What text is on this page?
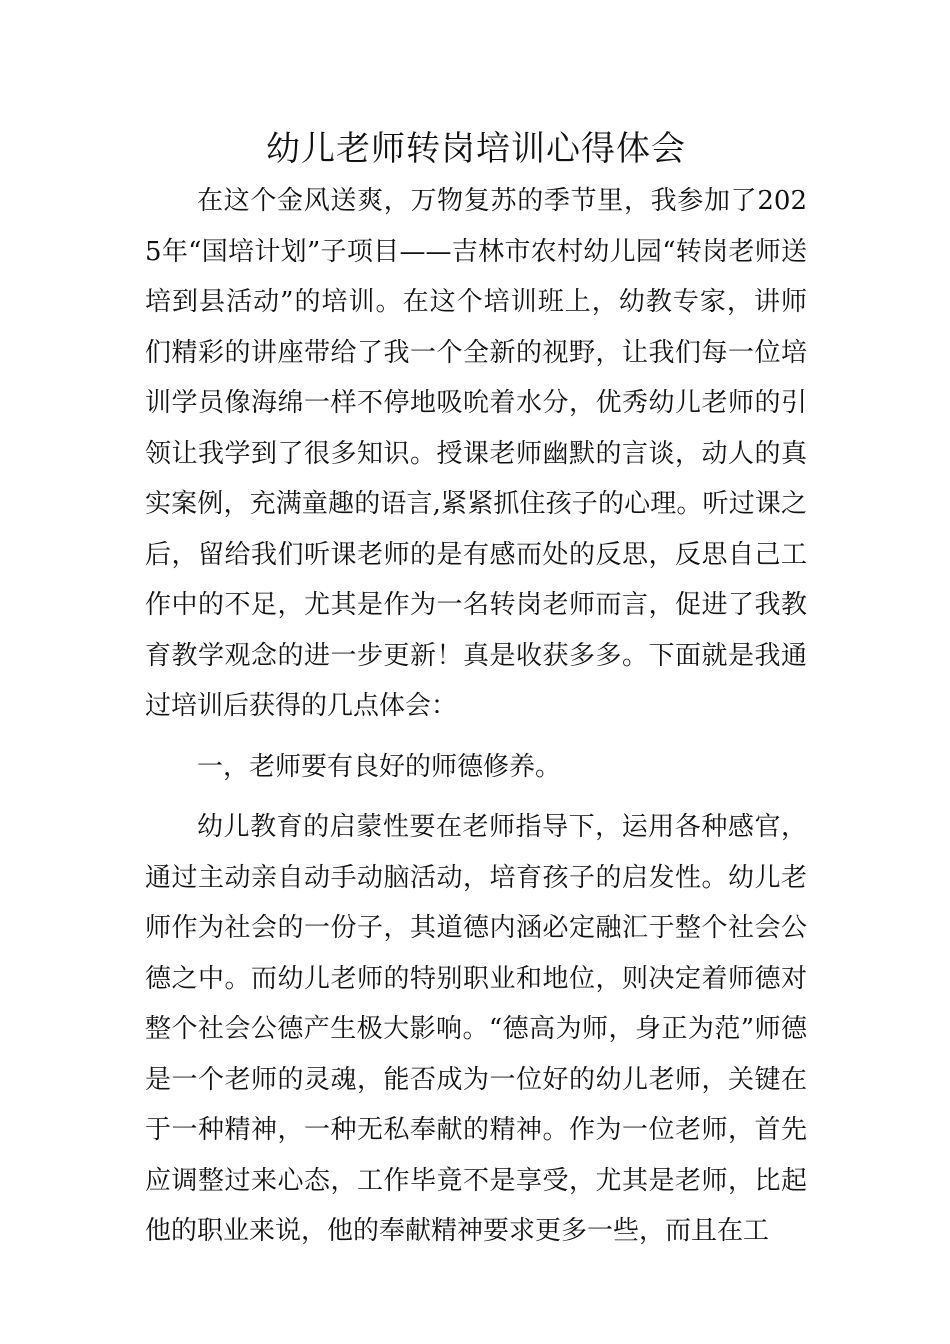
幼儿老师转岗培训心得体会

在这个金风送爽，万物复苏的季节里，我参加了2025年“国培计划”子项目——吉林市农村幼儿园“转岗老师送培到县活动”的培训。在这个培训班上，幼教专家，讲师们精彩的讲座带给了我一个全新的视野，让我们每一位培训学员像海绵一样不停地吸吮着水分，优秀幼儿老师的引领让我学到了很多知识。授课老师幽默的言谈，动人的真实案例，充满童趣的语言,紧紧抓住孩子的心理。听过课之后，留给我们听课老师的是有感而处的反思，反思自己工作中的不足，尤其是作为一名转岗老师而言，促进了我教育教学观念的进一步更新！真是收获多多。下面就是我通过培训后获得的几点体会：

一，老师要有良好的师德修养。

幼儿教育的启蒙性要在老师指导下，运用各种感官，通过主动亲自动手动脑活动，培育孩子的启发性。幼儿老师作为社会的一份子，其道德内涵必定融汇于整个社会公德之中。而幼儿老师的特别职业和地位，则决定着师德对整个社会公德产生极大影响。“德高为师，身正为范”师德是一个老师的灵魂，能否成为一位好的幼儿老师，关键在于一种精神，一种无私奉献的精神。作为一位老师，首先应调整过来心态，工作毕竟不是享受，尤其是老师，比起他的职业来说，他的奉献精神要求更多一些，而且在工
